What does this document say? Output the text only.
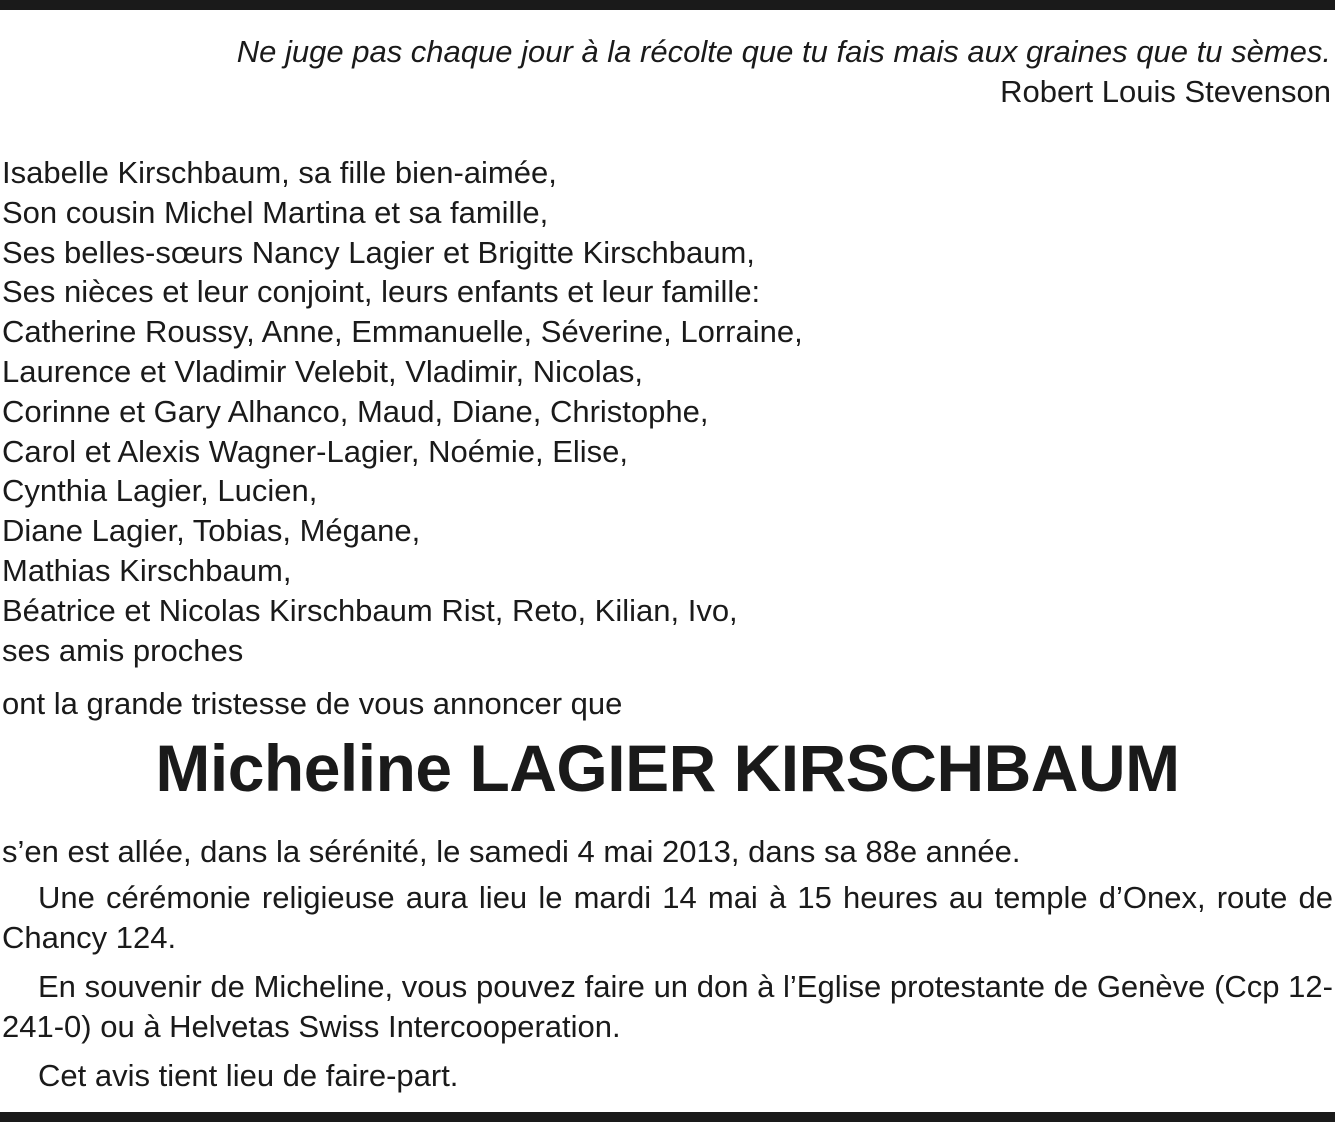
Ne juge pas chaque jour à la récolte que tu fais mais aux graines que tu sèmes.
Robert Louis Stevenson
Isabelle Kirschbaum, sa fille bien-aimée,
Son cousin Michel Martina et sa famille,
Ses belles-sœurs Nancy Lagier et Brigitte Kirschbaum,
Ses nièces et leur conjoint, leurs enfants et leur famille:
Catherine Roussy, Anne, Emmanuelle, Séverine, Lorraine,
Laurence et Vladimir Velebit, Vladimir, Nicolas,
Corinne et Gary Alhanco, Maud, Diane, Christophe,
Carol et Alexis Wagner-Lagier, Noémie, Elise,
Cynthia Lagier, Lucien,
Diane Lagier, Tobias, Mégane,
Mathias Kirschbaum,
Béatrice et Nicolas Kirschbaum Rist, Reto, Kilian, Ivo,
ses amis proches
ont la grande tristesse de vous annoncer que
Micheline LAGIER KIRSCHBAUM
s’en est allée, dans la sérénité, le samedi 4 mai 2013, dans sa 88e année.
Une cérémonie religieuse aura lieu le mardi 14 mai à 15 heures au temple d’Onex, route de Chancy 124.
En souvenir de Micheline, vous pouvez faire un don à l’Eglise protestante de Genève (Ccp 12-241-0) ou à Helvetas Swiss Intercooperation.
Cet avis tient lieu de faire-part.
